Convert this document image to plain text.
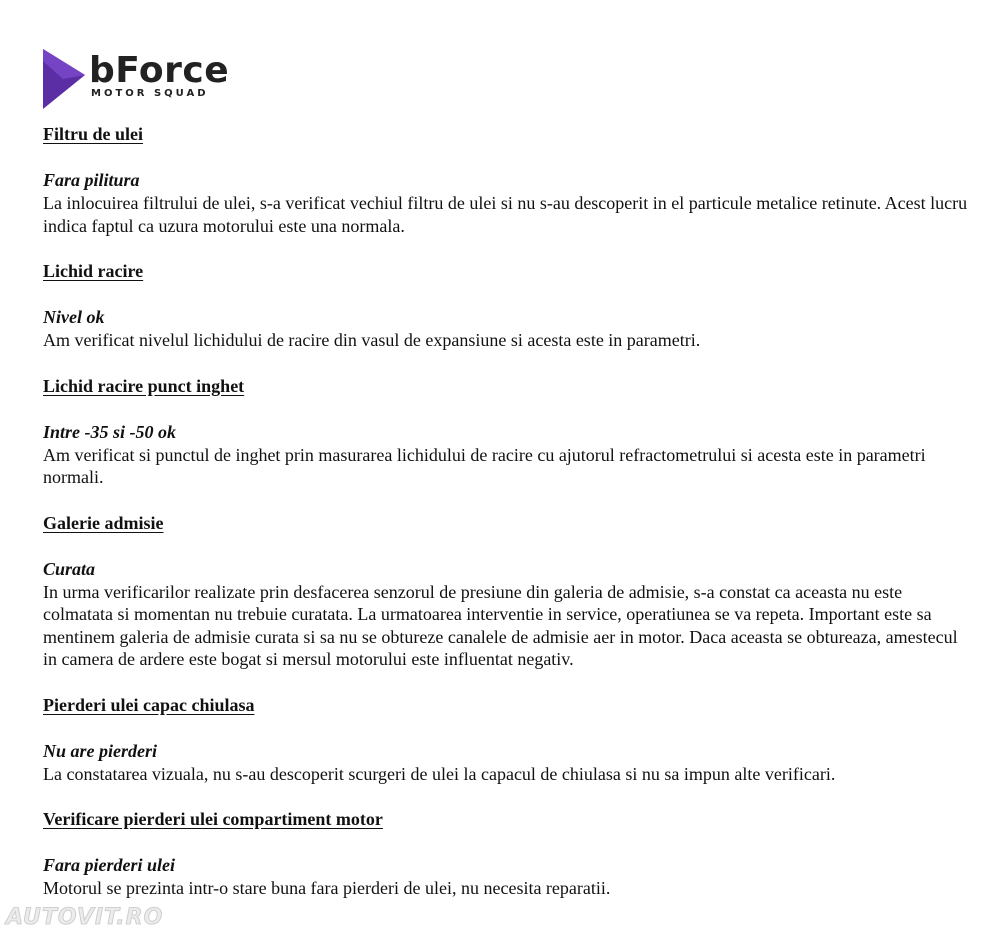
bForce
MOTOR SQUAD

Filtru de ulei

Fara pilitura

La inlocuirea filtrului de ulei, s-a verificat vechiul filtru de ulei si nu s-au descoperit in el particule metalice retinute. Acest lucru indica faptul ca uzura motorului este una normala.

Lichid racire

Nivel ok

Am verificat nivelul lichidului de racire din vasul de expansiune si acesta este in parametri.

Lichid racire punct inghet

Intre -35 si -50 ok

Am verificat si punctul de inghet prin masurarea lichidului de racire cu ajutorul refractometrului si acesta este in parametri normali.

Galerie admisie

Curata

In urma verificarilor realizate prin desfacerea senzorul de presiune din galeria de admisie, s-a constat ca aceasta nu este colmatata si momentan nu trebuie curatata. La urmatoarea interventie in service, operatiunea se va repeta. Important este sa mentinem galeria de admisie curata si sa nu se obtureze canalele de admisie aer in motor. Daca aceasta se obtureaza, amestecul in camera de ardere este bogat si mersul motorului este influentat negativ.

Pierderi ulei capac chiulasa

Nu are pierderi

La constatarea vizuala, nu s-au descoperit scurgeri de ulei la capacul de chiulasa si nu sa impun alte verificari.

Verificare pierderi ulei compartiment motor

Fara pierderi ulei

Motorul se prezinta intr-o stare buna fara pierderi de ulei, nu necesita reparatii.

AUTOVIT.RO
